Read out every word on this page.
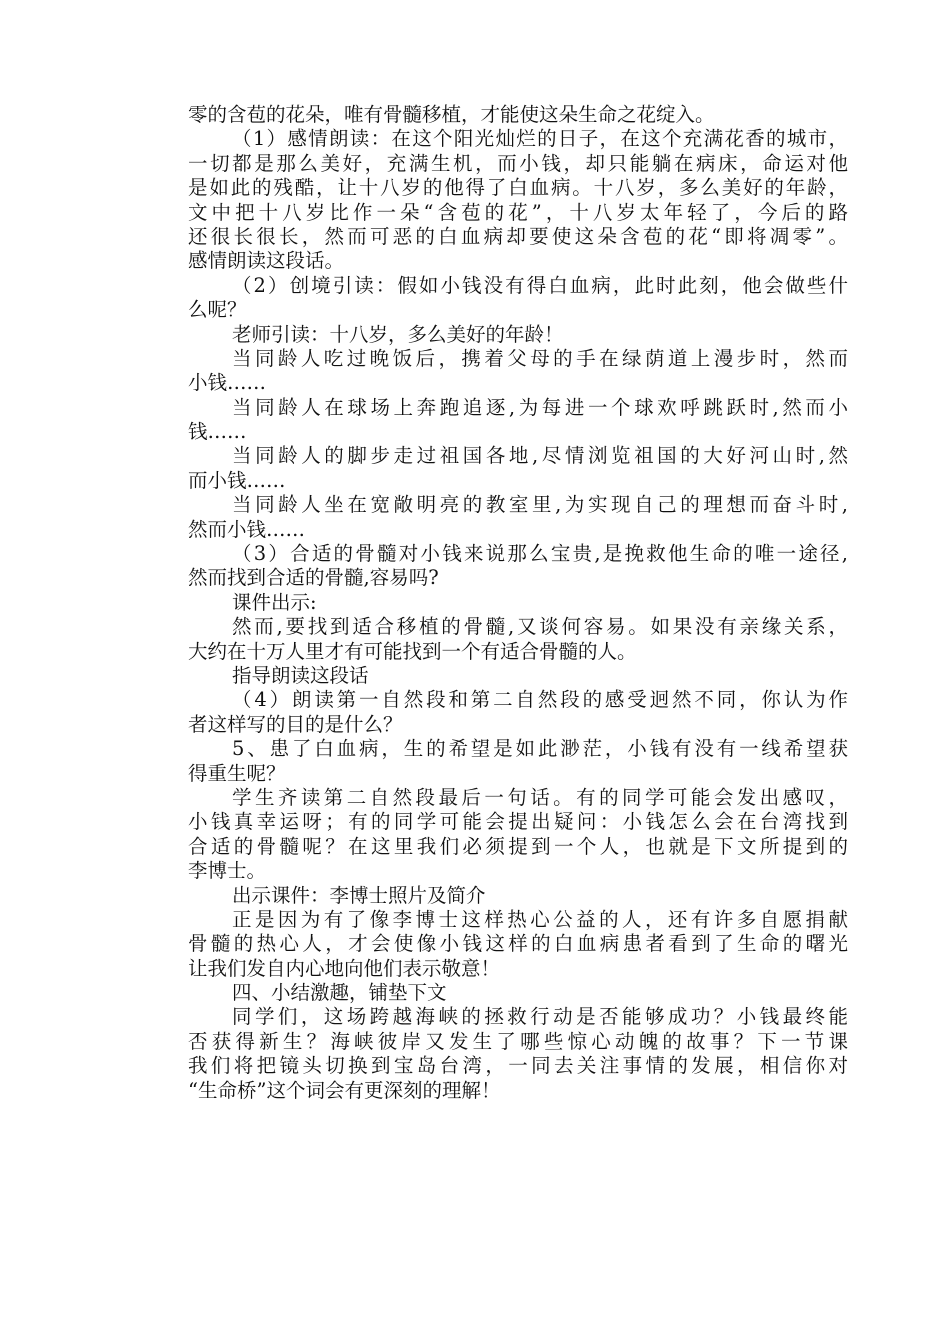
零的含苞的花朵，唯有骨髓移植，才能使这朵生命之花绽入。
（1）感情朗读：在这个阳光灿烂的日子，在这个充满花香的城市，
一切都是那么美好，充满生机，而小钱，却只能躺在病床，命运对他
是如此的残酷，让十八岁的他得了白血病。十八岁，多么美好的年龄，
文中把十八岁比作一朵“含苞的花”，十八岁太年轻了，今后的路
还很长很长，然而可恶的白血病却要使这朵含苞的花“即将凋零”。
感情朗读这段话。
（2）创境引读：假如小钱没有得白血病，此时此刻，他会做些什
么呢？
老师引读：十八岁，多么美好的年龄！
当同龄人吃过晚饭后，携着父母的手在绿荫道上漫步时，然而
小钱……
当同龄人在球场上奔跑追逐,为每进一个球欢呼跳跃时,然而小
钱……
当同龄人的脚步走过祖国各地,尽情浏览祖国的大好河山时,然
而小钱……
当同龄人坐在宽敞明亮的教室里,为实现自己的理想而奋斗时,
然而小钱……
（3）合适的骨髓对小钱来说那么宝贵,是挽救他生命的唯一途径,
然而找到合适的骨髓,容易吗?
课件出示:
然而,要找到适合移植的骨髓,又谈何容易。如果没有亲缘关系，
大约在十万人里才有可能找到一个有适合骨髓的人。
指导朗读这段话
（4）朗读第一自然段和第二自然段的感受迥然不同，你认为作
者这样写的目的是什么？
5、患了白血病，生的希望是如此渺茫，小钱有没有一线希望获
得重生呢？
学生齐读第二自然段最后一句话。有的同学可能会发出感叹，
小钱真幸运呀；有的同学可能会提出疑问：小钱怎么会在台湾找到
合适的骨髓呢？在这里我们必须提到一个人，也就是下文所提到的
李博士。
出示课件：李博士照片及简介
正是因为有了像李博士这样热心公益的人，还有许多自愿捐献
骨髓的热心人，才会使像小钱这样的白血病患者看到了生命的曙光
让我们发自内心地向他们表示敬意！
四、小结激趣，铺垫下文
同学们，这场跨越海峡的拯救行动是否能够成功？小钱最终能
否获得新生？海峡彼岸又发生了哪些惊心动魄的故事？下一节课
我们将把镜头切换到宝岛台湾，一同去关注事情的发展，相信你对
“生命桥”这个词会有更深刻的理解！
